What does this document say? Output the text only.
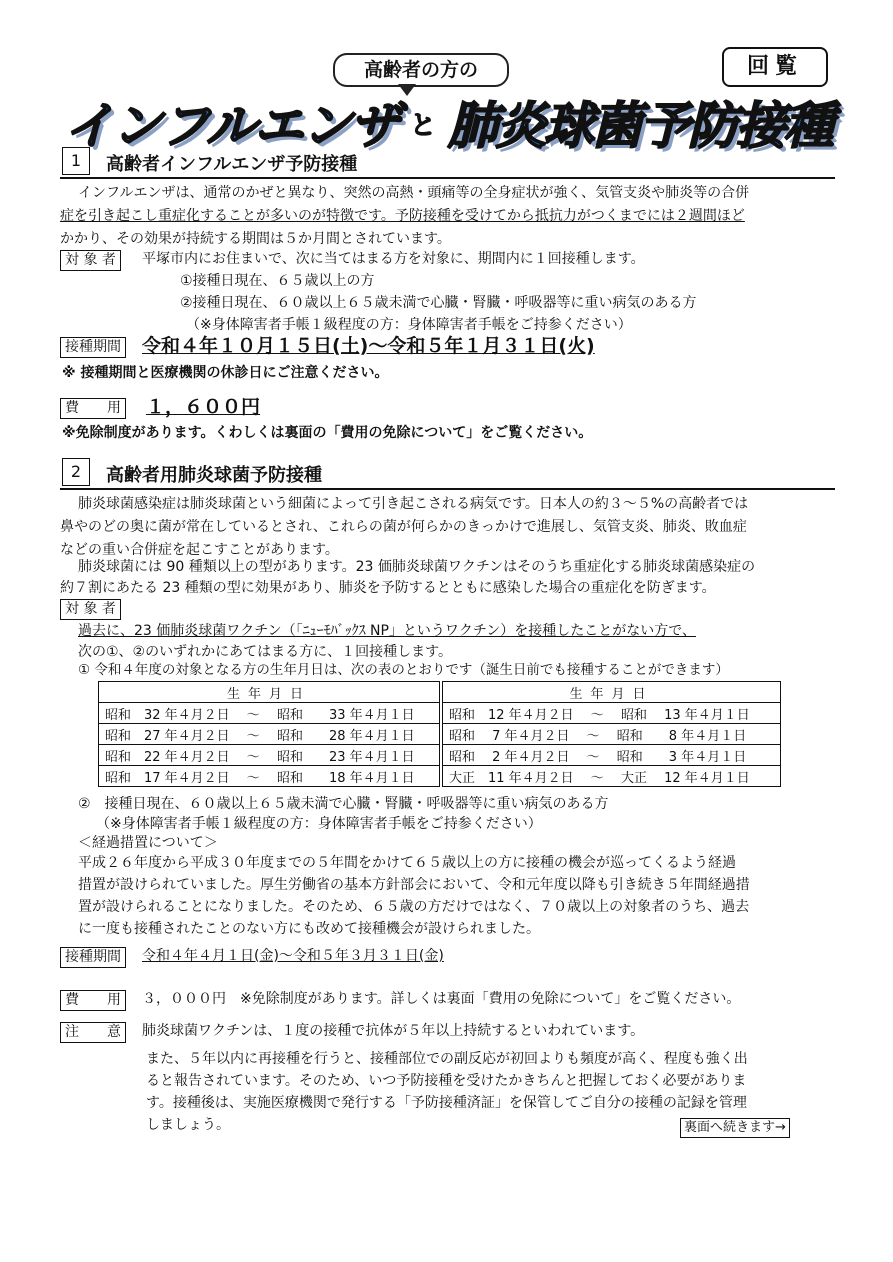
高齢者の方の	回覧
インフルエンザ と 肺炎球菌予防接種
1	高齢者インフルエンザ予防接種
インフルエンザは、通常のかぜと異なり、突然の高熱・頭痛等の全身症状が強く、気管支炎や肺炎等の合併
症を引き起こし重症化することが多いのが特徴です。予防接種を受けてから抵抗力がつくまでには２週間ほど
かかり、その効果が持続する期間は５か月間とされています。
対 象 者	平塚市内にお住まいで、次に当てはまる方を対象に、期間内に１回接種します。
①接種日現在、６５歳以上の方
②接種日現在、６０歳以上６５歳未満で心臓・腎臓・呼吸器等に重い病気のある方
（※身体障害者手帳１級程度の方：身体障害者手帳をご持参ください）
接種期間 令和４年１０月１５日(土)～令和５年１月３１日(火)
※ 接種期間と医療機関の休診日にご注意ください。
費　　用 １，６００円
※免除制度があります。くわしくは裏面の「費用の免除について」をご覧ください。
2	高齢者用肺炎球菌予防接種
肺炎球菌感染症は肺炎球菌という細菌によって引き起こされる病気です。日本人の約３～５%の高齢者では
鼻やのどの奥に菌が常在しているとされ、これらの菌が何らかのきっかけで進展し、気管支炎、肺炎、敗血症
などの重い合併症を起こすことがあります。
肺炎球菌には 90 種類以上の型があります。23 価肺炎球菌ワクチンはそのうち重症化する肺炎球菌感染症の
約７割にあたる 23 種類の型に効果があり、肺炎を予防するとともに感染した場合の重症化を防ぎます。
対 象 者
過去に、23 価肺炎球菌ワクチン（「ﾆｭｰﾓﾊﾞｯｸｽ NP」というワクチン）を接種したことがない方で、
次の①、②のいずれかにあてはまる方に、１回接種します。
① 令和４年度の対象となる方の生年月日は、次の表のとおりです（誕生日前でも接種することができます）
生年月日		生年月日
昭和　32 年４月２日　 ～　 昭和　　33 年４月１日		昭和　12 年４月２日　 ～　 昭和　 13 年４月１日
昭和　27 年４月２日　 ～　 昭和　　28 年４月１日		昭和　 7 年４月２日　 ～　 昭和　　8 年４月１日
昭和　22 年４月２日　 ～　 昭和　　23 年４月１日		昭和　 2 年４月２日　 ～　 昭和　　3 年４月１日
昭和　17 年４月２日　 ～　 昭和　　18 年４月１日		大正　11 年４月２日　 ～　 大正　 12 年４月１日
②　接種日現在、６０歳以上６５歳未満で心臓・腎臓・呼吸器等に重い病気のある方
（※身体障害者手帳１級程度の方：身体障害者手帳をご持参ください）
＜経過措置について＞
平成２６年度から平成３０年度までの５年間をかけて６５歳以上の方に接種の機会が巡ってくるよう経過
措置が設けられていました。厚生労働省の基本方針部会において、令和元年度以降も引き続き５年間経過措
置が設けられることになりました。そのため、６５歳の方だけではなく、７０歳以上の対象者のうち、過去
に一度も接種されたことのない方にも改めて接種機会が設けられました。
接種期間	令和４年４月１日(金)～令和５年３月３１日(金)
費　　用	３，０００円　※免除制度があります。詳しくは裏面「費用の免除について」をご覧ください。
注　　意	肺炎球菌ワクチンは、１度の接種で抗体が５年以上持続するといわれています。
また、５年以内に再接種を行うと、接種部位での副反応が初回よりも頻度が高く、程度も強く出
ると報告されています。そのため、いつ予防接種を受けたかきちんと把握しておく必要がありま
す。接種後は、実施医療機関で発行する「予防接種済証」を保管してご自分の接種の記録を管理
しましょう。	裏面へ続きます→
